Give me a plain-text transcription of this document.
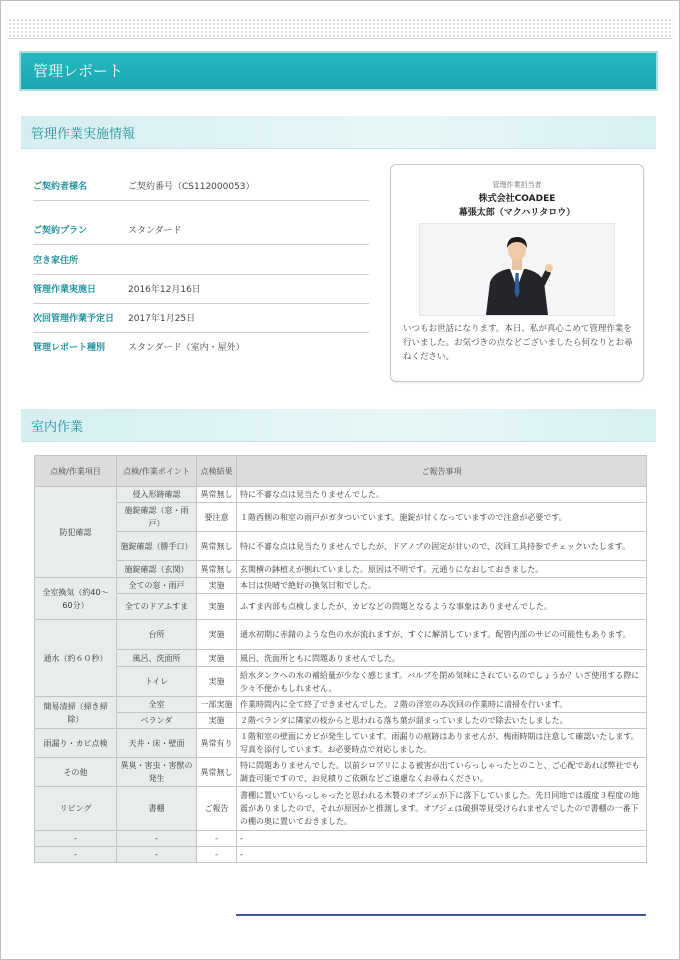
管理レポート
管理作業実施情報
ご契約者様名	ご契約番号（CS112000053）
ご契約プラン	スタンダード
空き家住所
管理作業実施日	2016年12月16日
次回管理作業予定日 2017年1月25日
管理レポート種別	スタンダード（室内・屋外）
管理作業担当者
株式会社COADEE
幕張太郎（マクハリタロウ）
いつもお世話になります。本日、私が真心こめて管理作業を行いました。お気づきの点などございましたら何なりとお尋ねください。
室内作業
点検/作業項目	点検/作業ポイント	点検結果	ご報告事項
防犯確認	侵入形跡確認	異常無し	特に不審な点は見当たりませんでした。
	施錠確認（窓・雨戸）	要注意	１階西側の和室の雨戸がガタついています。施錠が甘くなっていますので注意が必要です。
	施錠確認（勝手口）	異常無し	特に不審な点は見当たりませんでしたが、ドアノブの固定が甘いので、次回工具持参でチェックいたします。
	施錠確認（玄関）	異常無し	玄関横の鉢植えが倒れていました。原因は不明です。元通りになおしておきました。
全室換気（約40～60分）	全ての窓・雨戸	実施	本日は快晴で絶好の換気日和でした。
	全てのドアふすま	実施	ふすま内部も点検しましたが、カビなどの問題となるような事象はありませんでした。
通水（約６０秒）	台所	実施	通水初期に赤錆のような色の水が流れますが、すぐに解消しています。配管内部のサビの可能性もあります。
	風呂、洗面所	実施	風呂、洗面所ともに問題ありませんでした。
	トイレ	実施	給水タンクへの水の補給量が少なく感じます。バルブを閉め気味にされているのでしょうか？いざ使用する際に少々不便かもしれません。
簡易清掃（掃き掃除）	全室	一部実施	作業時間内に全て終了できませんでした。２階の洋室のみ次回の作業時に清掃を行います。
	ベランダ	実施	２階ベランダに隣家の枝からと思われる落ち葉が溜まっていましたので除去いたしました。
雨漏り・カビ点検	天井・床・壁面	異常有り	１階和室の壁面にカビが発生しています。雨漏りの痕跡はありませんが、梅雨時期は注意して確認いたします。写真を添付しています。お必要時点で対応しました。
その他	異臭・害虫・害獣の発生	異常無し	特に問題ありませんでした。以前シロアリによる被害が出ていらっしゃったとのこと、ご心配であれば弊社でも調査可能ですので、お見積りご依頼などご遠慮なくお尋ねください。
リビング	書棚	ご報告	書棚に置いていらっしゃったと思われる木製のオブジェが下に落下していました。先日同地では震度３程度の地震がありましたので、それが原因かと推測します。オブジェは破損等見受けられませんでしたので書棚の一番下の棚の奥に置いておきました。
-	-	-	-
-	-	-	-
